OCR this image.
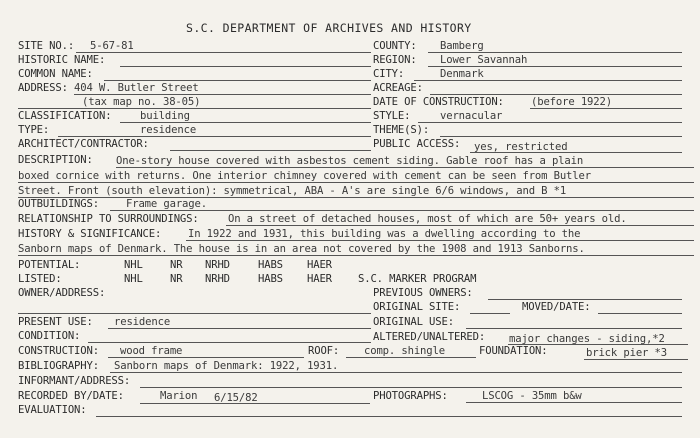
S.C. DEPARTMENT OF ARCHIVES AND HISTORY
SITE NO.: 5-67-81	COUNTY: Bamberg
HISTORIC NAME:	REGION: Lower Savannah
COMMON NAME:	CITY:	Denmark
ADDRESS: 404 W. Butler Street	ACREAGE:
(tax map no. 38-05)	DATE OF CONSTRUCTION:	(before 1922)
CLASSIFICATION:	building	STYLE:	vernacular
TYPE:	residence	THEME(S):
ARCHITECT/CONTRACTOR:	PUBLIC ACCESS: yes, restricted
DESCRIPTION: One-story house covered with asbestos cement siding. Gable roof has a plain
boxed cornice with returns. One interior chimney covered with cement can be seen from Butler
Street. Front (south elevation): symmetrical, ABA - A's are single 6/6 windows, and B *1
OUTBUILDINGS:	Frame garage.
RELATIONSHIP TO SURROUNDINGS:	On a street of detached houses, most of which are 50+ years old.
HISTORY & SIGNIFICANCE:	In 1922 and 1931, this building was a dwelling according to the
Sanborn maps of Denmark. The house is in an area not covered by the 1908 and 1913 Sanborns.
POTENTIAL:	NHL	NR NRHD	HABS HAER
LISTED:	NHL	NR NRHD	HABS HAER S.C. MARKER PROGRAM
OWNER/ADDRESS:	PREVIOUS OWNERS:
ORIGINAL SITE:	MOVED/DATE:
PRESENT USE: residence	ORIGINAL USE:
CONDITION:	ALTERED/UNALTERED: major changes - siding,*2
CONSTRUCTION: wood frame	ROOF: comp. shingle	FOUNDATION:	brick pier *3
BIBLIOGRAPHY: Sanborn maps of Denmark: 1922, 1931.
INFORMANT/ADDRESS:
RECORDED BY/DATE:	Marion 6/15/82	PHOTOGRAPHS:	LSCOG - 35mm b&w
EVALUATION:
